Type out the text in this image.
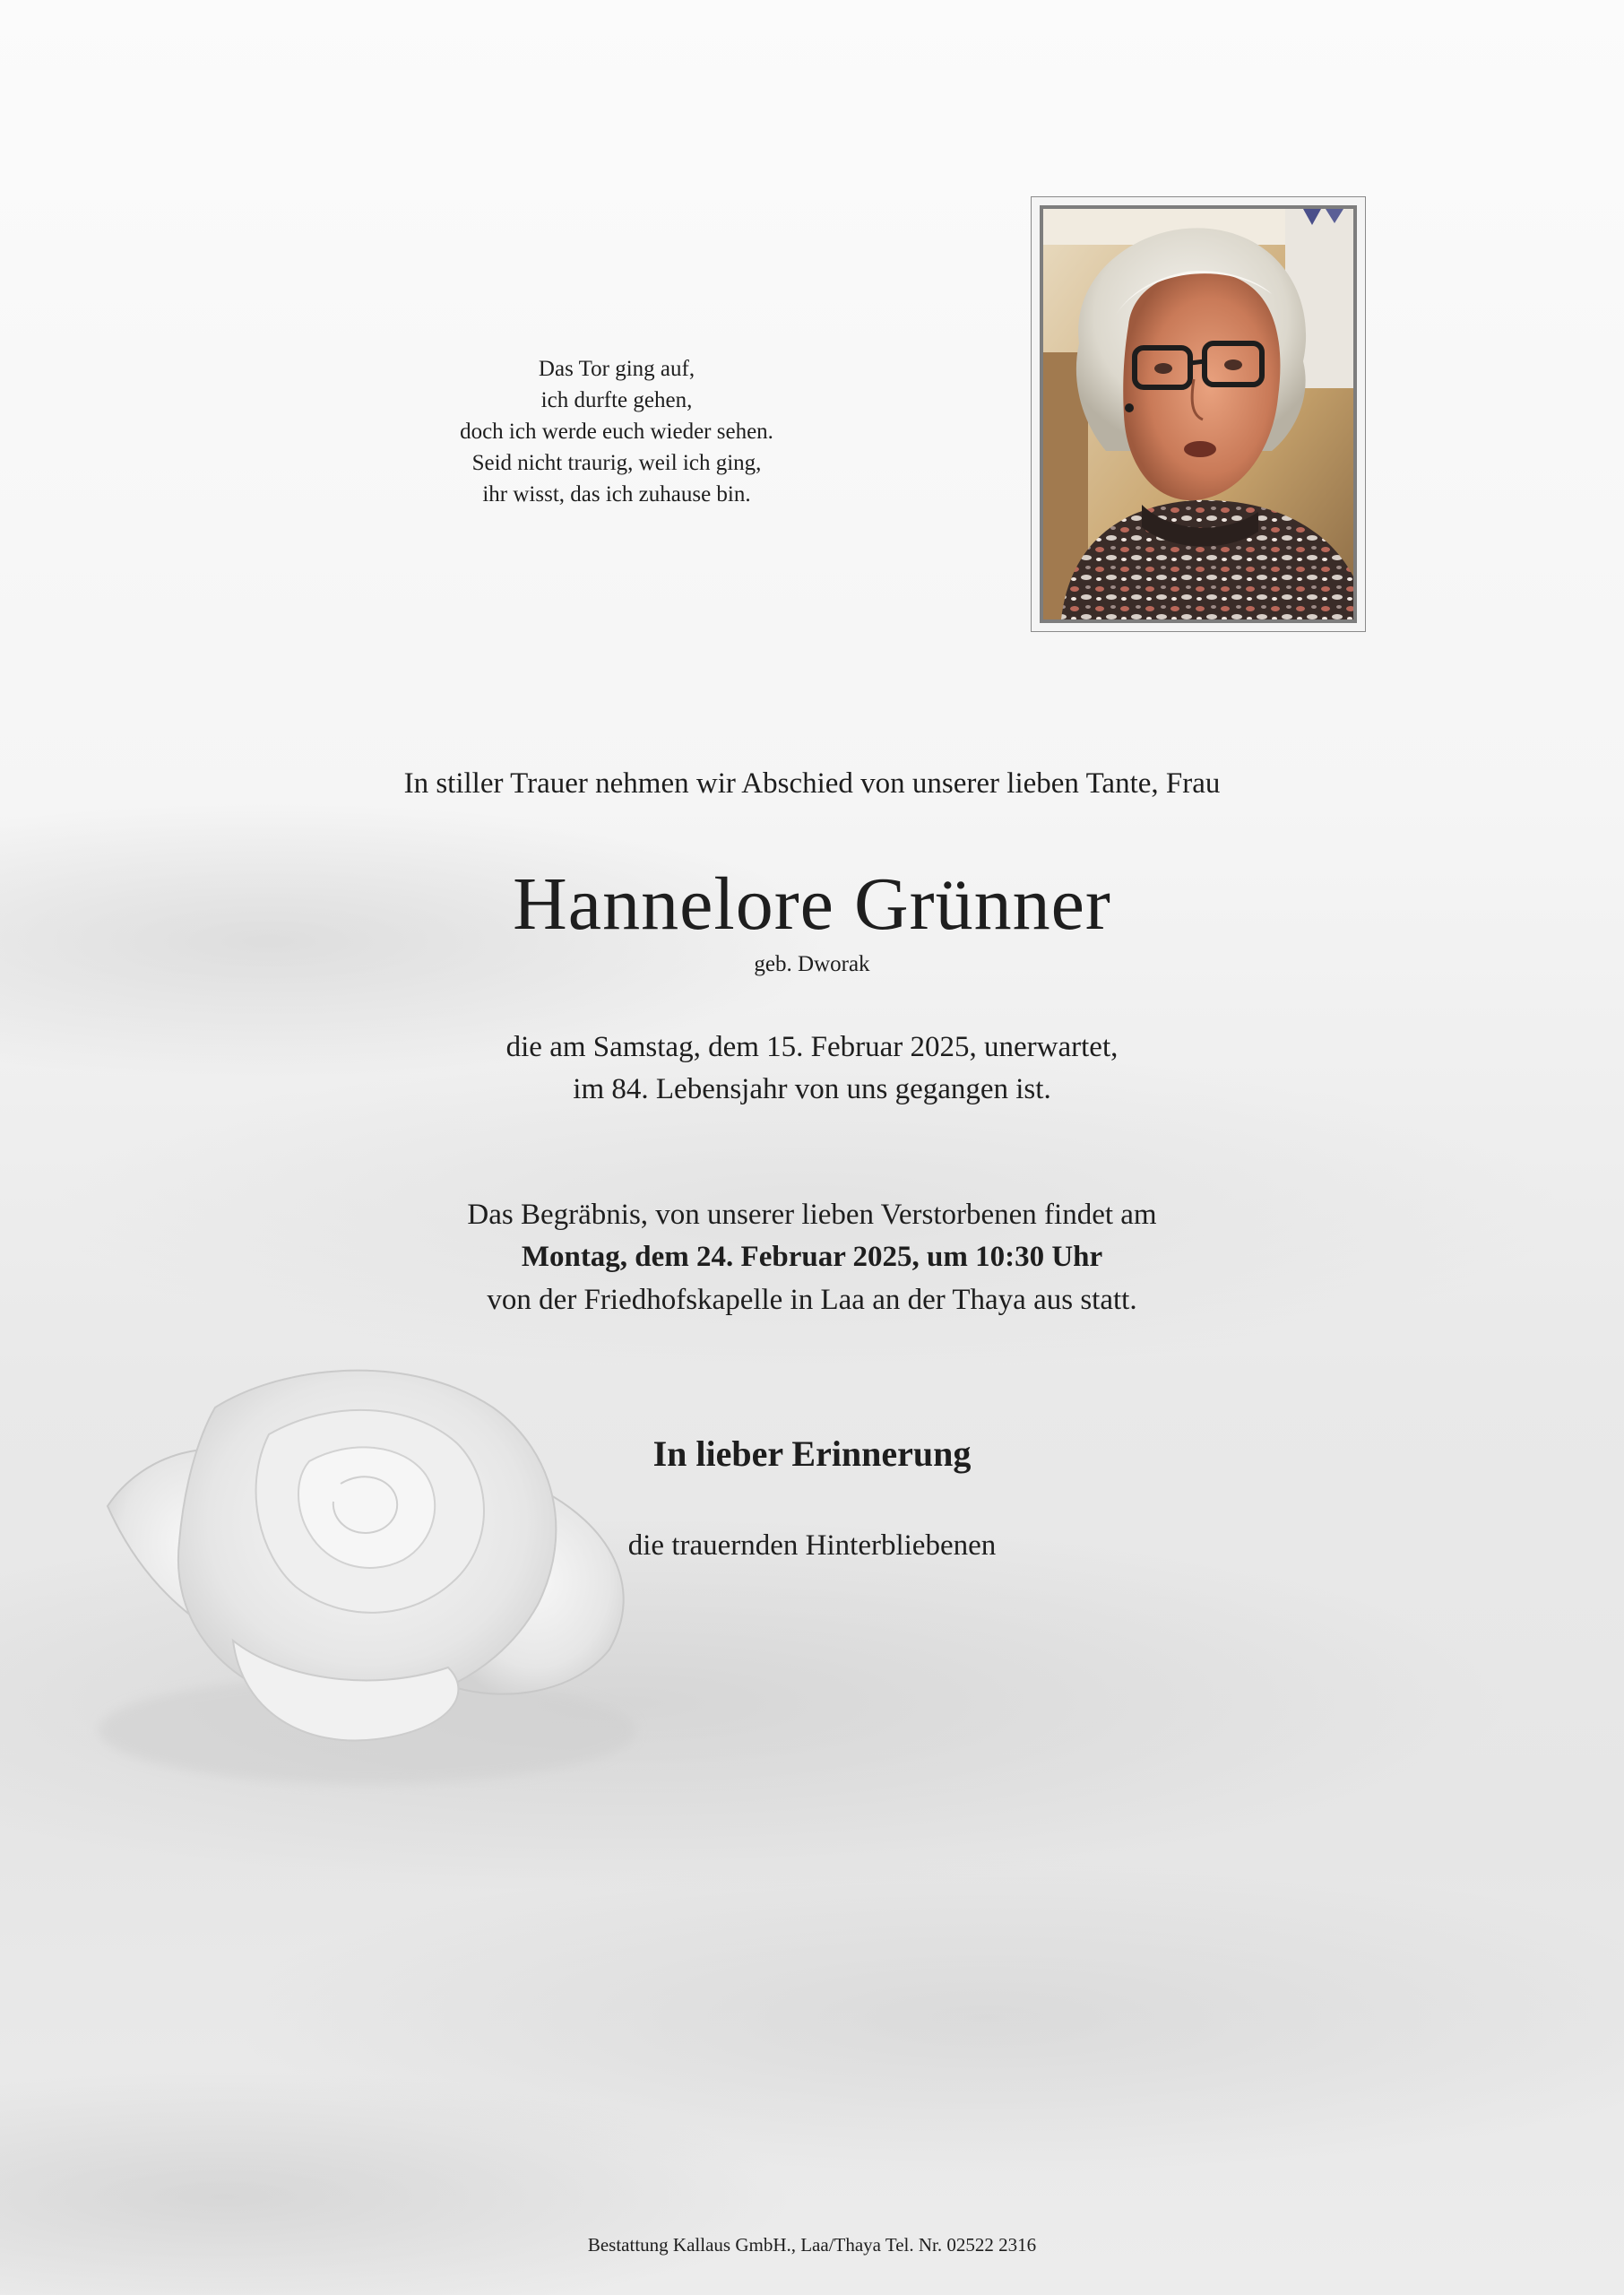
Das Tor ging auf,
ich durfte gehen,
doch ich werde euch wieder sehen.
Seid nicht traurig, weil ich ging,
ihr wisst, das ich zuhause bin.
In stiller Trauer nehmen wir Abschied von unserer lieben Tante, Frau
Hannelore Grünner
geb. Dworak
die am Samstag, dem 15. Februar 2025, unerwartet,
im 84. Lebensjahr von uns gegangen ist.
Das Begräbnis, von unserer lieben Verstorbenen findet am
Montag, dem 24. Februar 2025, um 10:30 Uhr
von der Friedhofskapelle in Laa an der Thaya aus statt.
In lieber Erinnerung
die trauernden Hinterbliebenen
Bestattung Kallaus GmbH., Laa/Thaya Tel. Nr. 02522 2316
